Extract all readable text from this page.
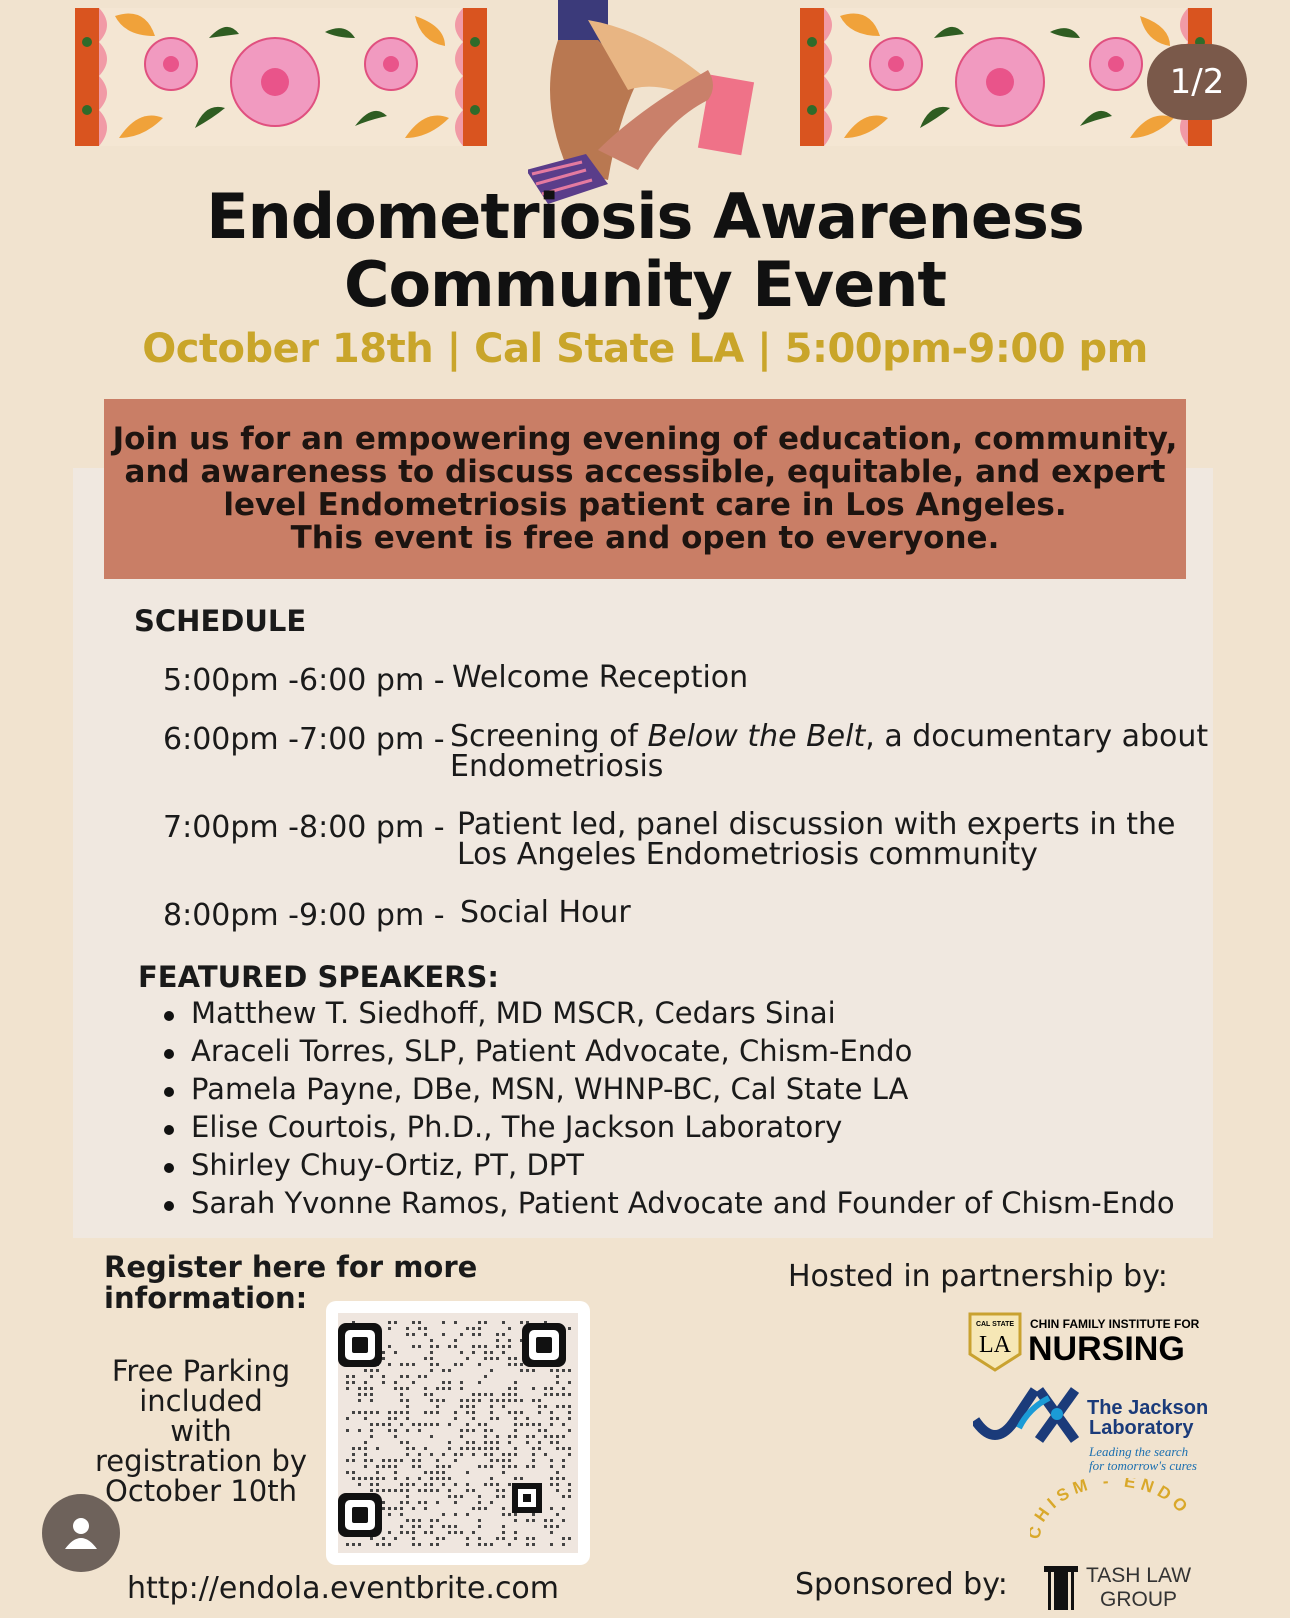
1/2
Endometriosis Awareness
Community Event
October 18th | Cal State LA | 5:00pm-9:00 pm
Join us for an empowering evening of education, community,
and awareness to discuss accessible, equitable, and expert
level Endometriosis patient care in Los Angeles.
This event is free and open to everyone.
SCHEDULE
5:00pm -6:00 pm - Welcome Reception
6:00pm -7:00 pm - Screening of Below the Belt, a documentary about
Endometriosis
7:00pm -8:00 pm - Patient led, panel discussion with experts in the
Los Angeles Endometriosis community
8:00pm -9:00 pm - Social Hour
FEATURED SPEAKERS:
Matthew T. Siedhoff, MD MSCR, Cedars Sinai
Araceli Torres, SLP, Patient Advocate, Chism-Endo
Pamela Payne, DBe, MSN, WHNP-BC, Cal State LA
Elise Courtois, Ph.D., The Jackson Laboratory
Shirley Chuy-Ortiz, PT, DPT
Sarah Yvonne Ramos, Patient Advocate and Founder of Chism-Endo
Register here for more
information:
Free Parking
included
with
registration by
October 10th
http://endola.eventbrite.com
Hosted in partnership by:
Sponsored by:
CAL STATE
LA
CHIN FAMILY INSTITUTE FOR
NURSING
The Jackson
Laboratory
Leading the search
for tomorrow's cures
HISM - ENDO
TASH LAW
GROUP
